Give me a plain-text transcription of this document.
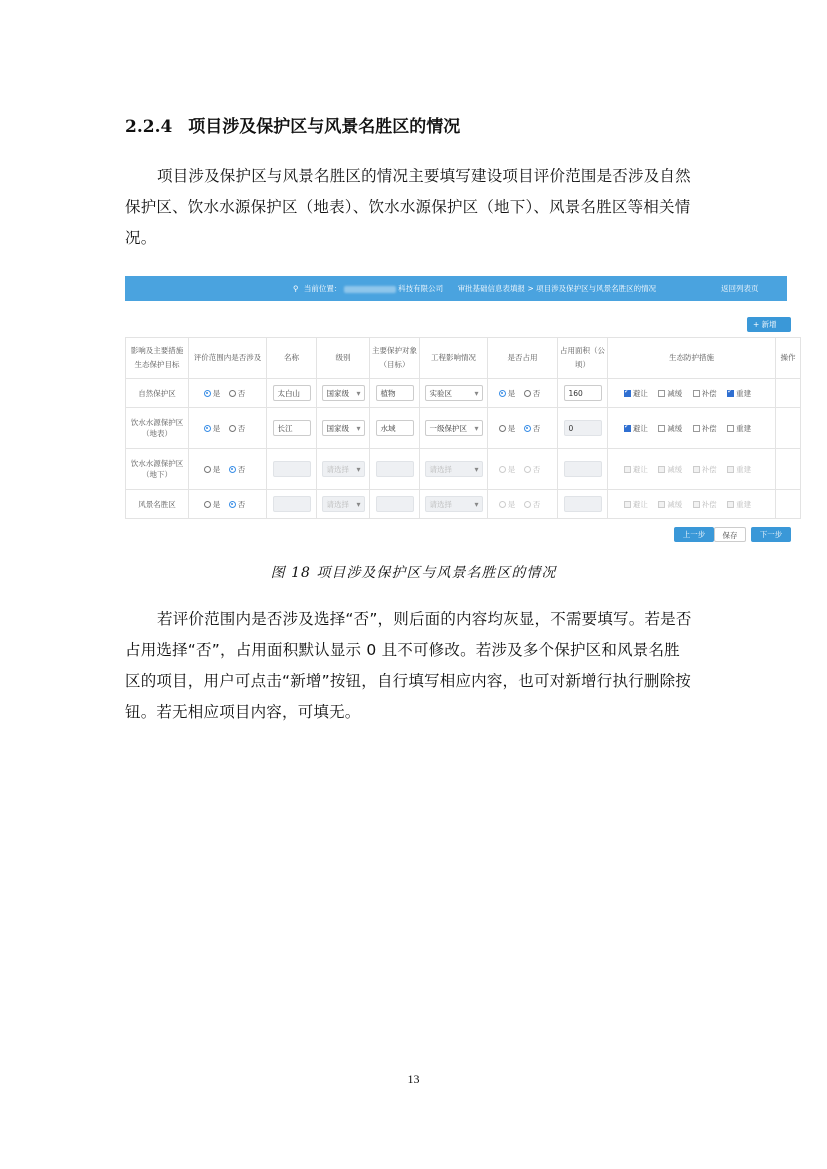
2.2.4 项目涉及保护区与风景名胜区的情况
项目涉及保护区与风景名胜区的情况主要填写建设项目评价范围是否涉及自然保护区、饮水水源保护区（地表）、饮水水源保护区（地下）、风景名胜区等相关情况。
⚲ 当前位置：	科技有限公司 审批基础信息表填报 > 项目涉及保护区与风景名胜区的情况	返回列表页
+ 新增
影响及主要措施生态保护目标	评价范围内是否涉及	名称	级别	主要保护对象（目标）	工程影响情况	是否占用	占用面积（公顷）	生态防护措施	操作
自然保护区	是 否	太白山	国家级 ▾	植物	实验区 ▾	是 否	160	✓避让 减缓 补偿 ✓ 重建	
饮水水源保护区（地表）	是 否	长江	国家级 ▾	水域	一级保护区 ▾	是 否	0	✓避让 减缓 补偿 重建	
饮水水源保护区（地下）	是 否		请选择 ▾		请选择 ▾	是 否		避让 减缓 补偿 重建	
风景名胜区	是 否		请选择 ▾		请选择 ▾	是 否		避让 减缓 补偿 重建	
上一步	保存	下一步
图 18 项目涉及保护区与风景名胜区的情况
若评价范围内是否涉及选择“否”，则后面的内容均灰显，不需要填写。若是否占用选择“否”，占用面积默认显示 0 且不可修改。若涉及多个保护区和风景名胜区的项目，用户可点击“新增”按钮，自行填写相应内容，也可对新增行执行删除按钮。若无相应项目内容，可填无。
13
